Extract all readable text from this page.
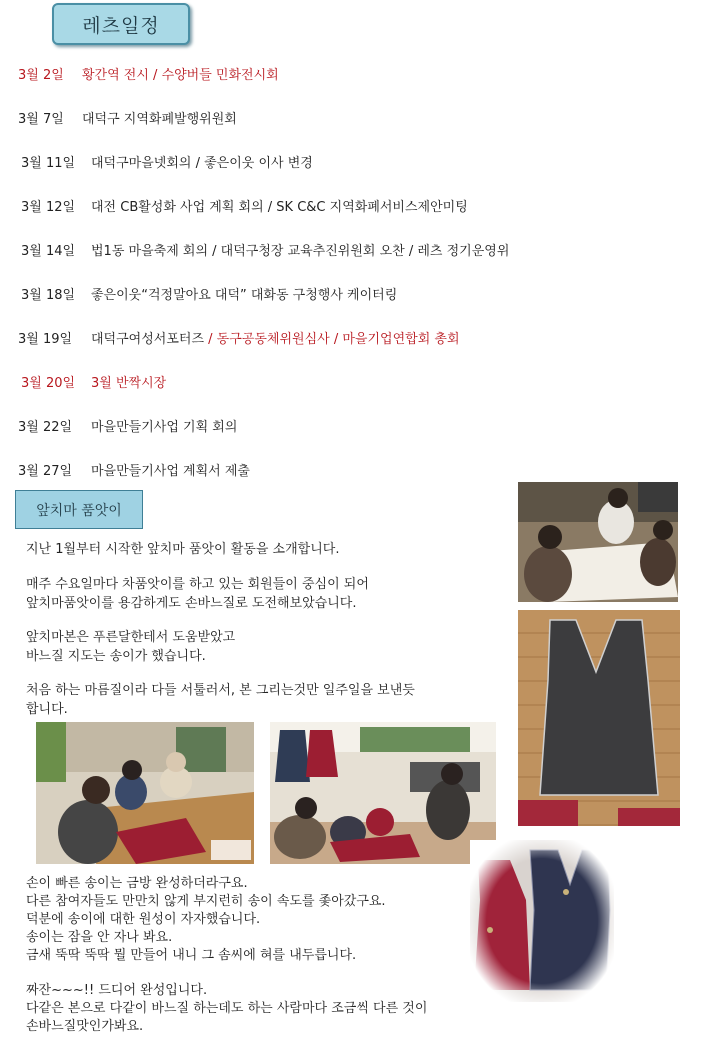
레츠일정
3월 2일 황간역 전시 / 수양버들 민화전시회
3월 7일 대덕구 지역화폐발행위원회
3월 11일 대덕구마을넷회의 / 좋은이웃 이사 변경
3월 12일 대전 CB활성화 사업 계획 회의 / SK C&C 지역화폐서비스제안미팅
3월 14일 법1동 마을축제 회의 / 대덕구청장 교육추진위원회 오찬 / 레츠 정기운영위
3월 18일 좋은이웃“걱정말아요 대덕” 대화동 구청행사 케이터링
3월 19일 대덕구여성서포터즈 / 동구공동체위원심사 / 마을기업연합회 총회
3월 20일 3월 반짝시장
3월 22일 마을만들기사업 기획 회의
3월 27일 마을만들기사업 계획서 제출
앞치마 품앗이
지난 1월부터 시작한 앞치마 품앗이 활동을 소개합니다.
매주 수요일마다 차품앗이를 하고 있는 회원들이 중심이 되어
앞치마품앗이를 용감하게도 손바느질로 도전해보았습니다.
앞치마본은 푸른달한테서 도움받았고
바느질 지도는 송이가 했습니다.
처음 하는 마름질이라 다들 서툴러서, 본 그리는것만 일주일을 보낸듯
합니다.
손이 빠른 송이는 금방 완성하더라구요.
다른 참여자들도 만만치 않게 부지런히 송이 속도를 좇아갔구요.
덕분에 송이에 대한 원성이 자자했습니다.
송이는 잠을 안 자나 봐요.
금새 뚝딱 뚝딱 뭘 만들어 내니 그 솜씨에 혀를 내두릅니다.
짜잔~~~!! 드디어 완성입니다.
다같은 본으로 다같이 바느질 하는데도 하는 사람마다 조금씩 다른 것이
손바느질맛인가봐요.
